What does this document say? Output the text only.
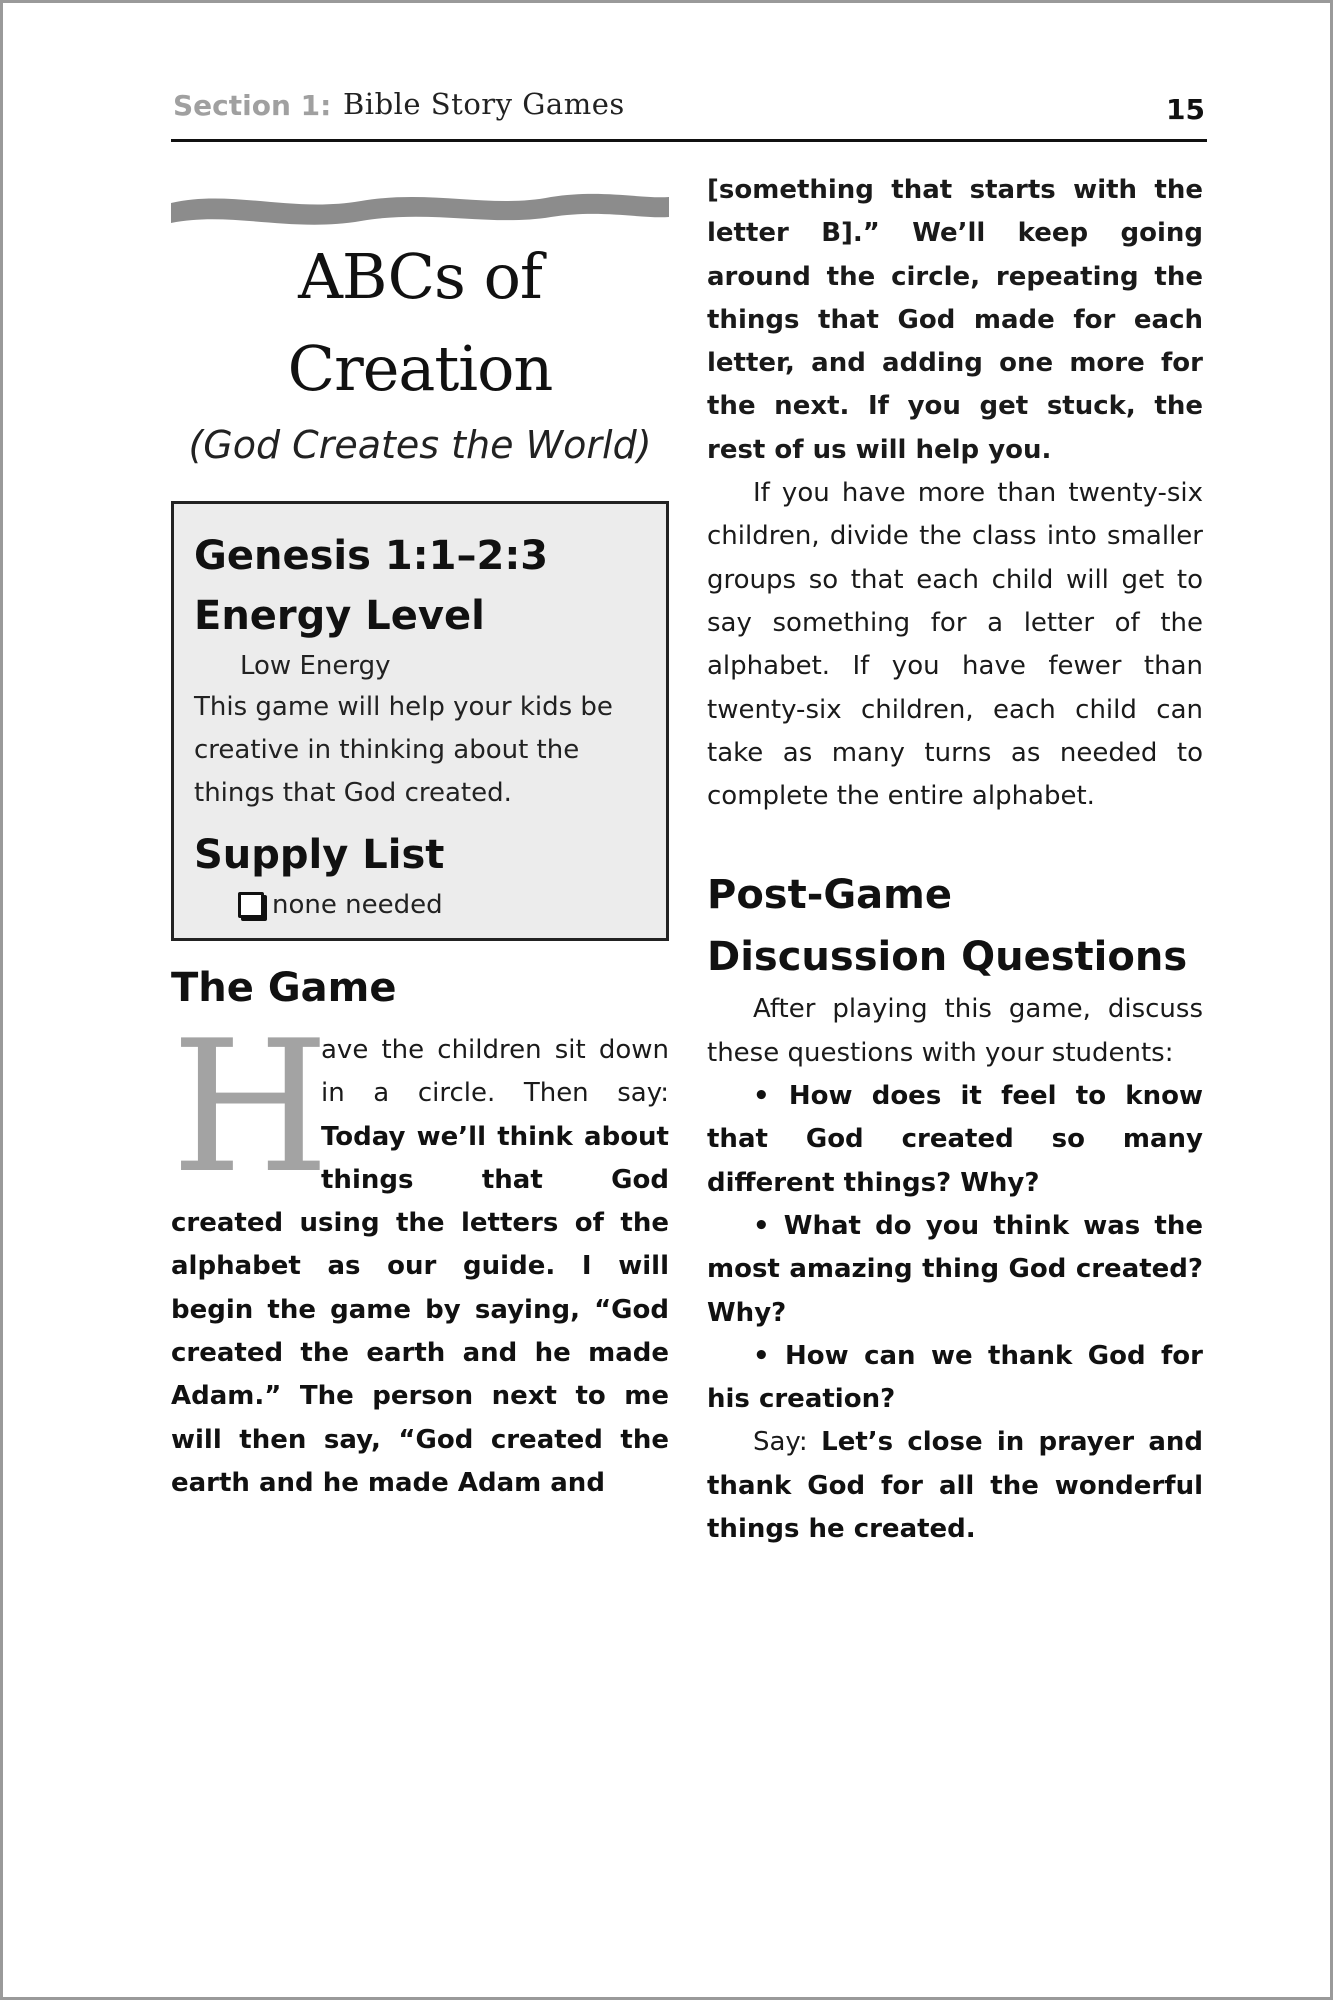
Section 1: Bible Story Games	15
ABCs of
Creation
(God Creates the World)
Genesis 1:1–2:3
Energy Level
Low Energy
This game will help your kids be creative in thinking about the things that God created.
Supply List
none needed
The Game
H
ave the children sit down in a circle. Then say: Today we’ll think about things that God created using the letters of the alphabet as our guide. I will begin the game by saying, “God created the earth and he made Adam.” The person next to me will then say, “God created the earth and he made Adam and

[something that starts with the letter B].” We’ll keep going around the circle, repeating the things that God made for each letter, and adding one more for the next. If you get stuck, the rest of us will help you.

If you have more than twenty-six children, divide the class into smaller groups so that each child will get to say something for a letter of the alphabet. If you have fewer than twenty-six children, each child can take as many turns as needed to complete the entire alphabet.

Post-Game Discussion Questions

After playing this game, discuss these questions with your students:

• How does it feel to know that God created so many different things? Why?

• What do you think was the most amazing thing God created? Why?

• How can we thank God for his creation?

Say: Let’s close in prayer and thank God for all the wonderful things he created.
